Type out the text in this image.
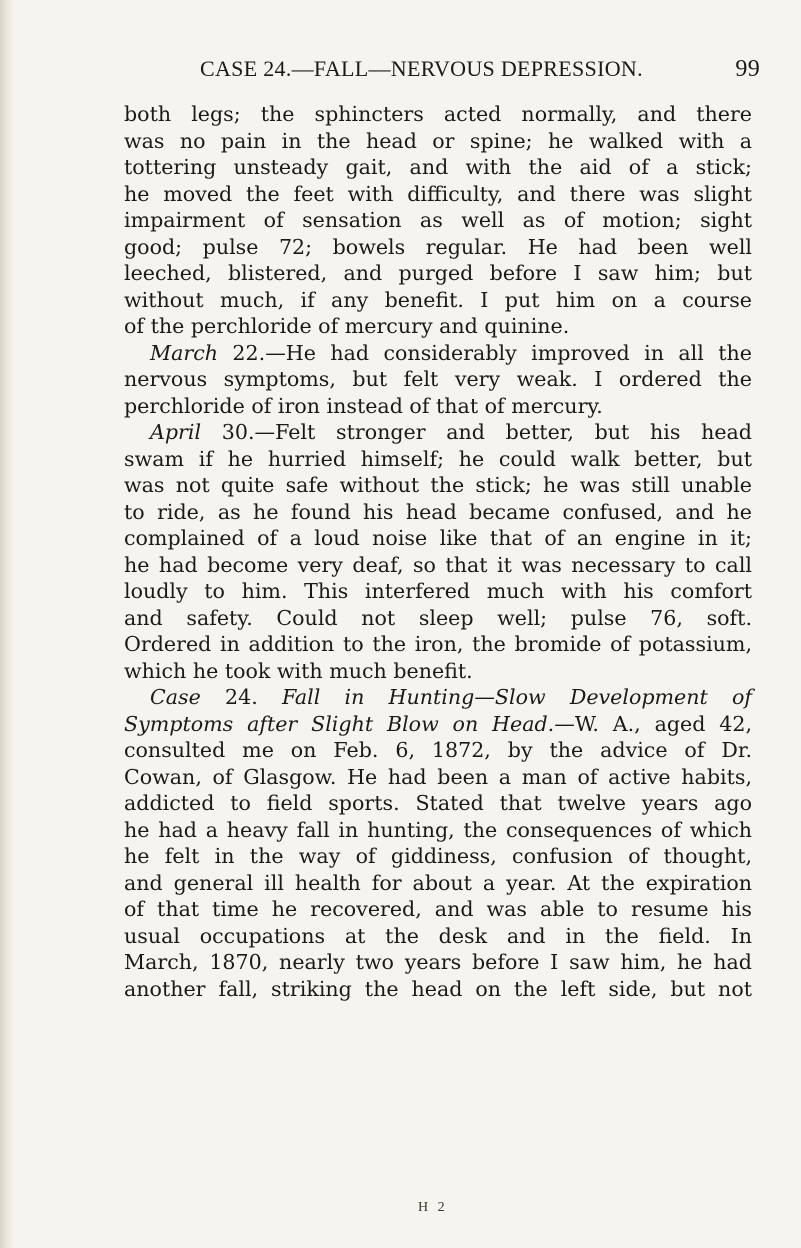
CASE 24.—FALL—NERVOUS DEPRESSION.	99
both legs; the sphincters acted normally, and there
was no pain in the head or spine; he walked with a
tottering unsteady gait, and with the aid of a stick;
he moved the feet with difficulty, and there was slight
impairment of sensation as well as of motion; sight
good; pulse 72; bowels regular. He had been well
leeched, blistered, and purged before I saw him; but
without much, if any benefit. I put him on a course
of the perchloride of mercury and quinine.
March 22.—He had considerably improved in all the
nervous symptoms, but felt very weak. I ordered the
perchloride of iron instead of that of mercury.
April 30.—Felt stronger and better, but his head
swam if he hurried himself; he could walk better, but
was not quite safe without the stick; he was still unable
to ride, as he found his head became confused, and he
complained of a loud noise like that of an engine in it;
he had become very deaf, so that it was necessary to call
loudly to him. This interfered much with his comfort
and safety. Could not sleep well; pulse 76, soft.
Ordered in addition to the iron, the bromide of potassium,
which he took with much benefit.
Case 24. Fall in Hunting—Slow Development of
Symptoms after Slight Blow on Head.—W. A., aged 42,
consulted me on Feb. 6, 1872, by the advice of Dr.
Cowan, of Glasgow. He had been a man of active habits,
addicted to field sports. Stated that twelve years ago
he had a heavy fall in hunting, the consequences of which
he felt in the way of giddiness, confusion of thought,
and general ill health for about a year. At the expiration
of that time he recovered, and was able to resume his
usual occupations at the desk and in the field. In
March, 1870, nearly two years before I saw him, he had
another fall, striking the head on the left side, but not
H 2
